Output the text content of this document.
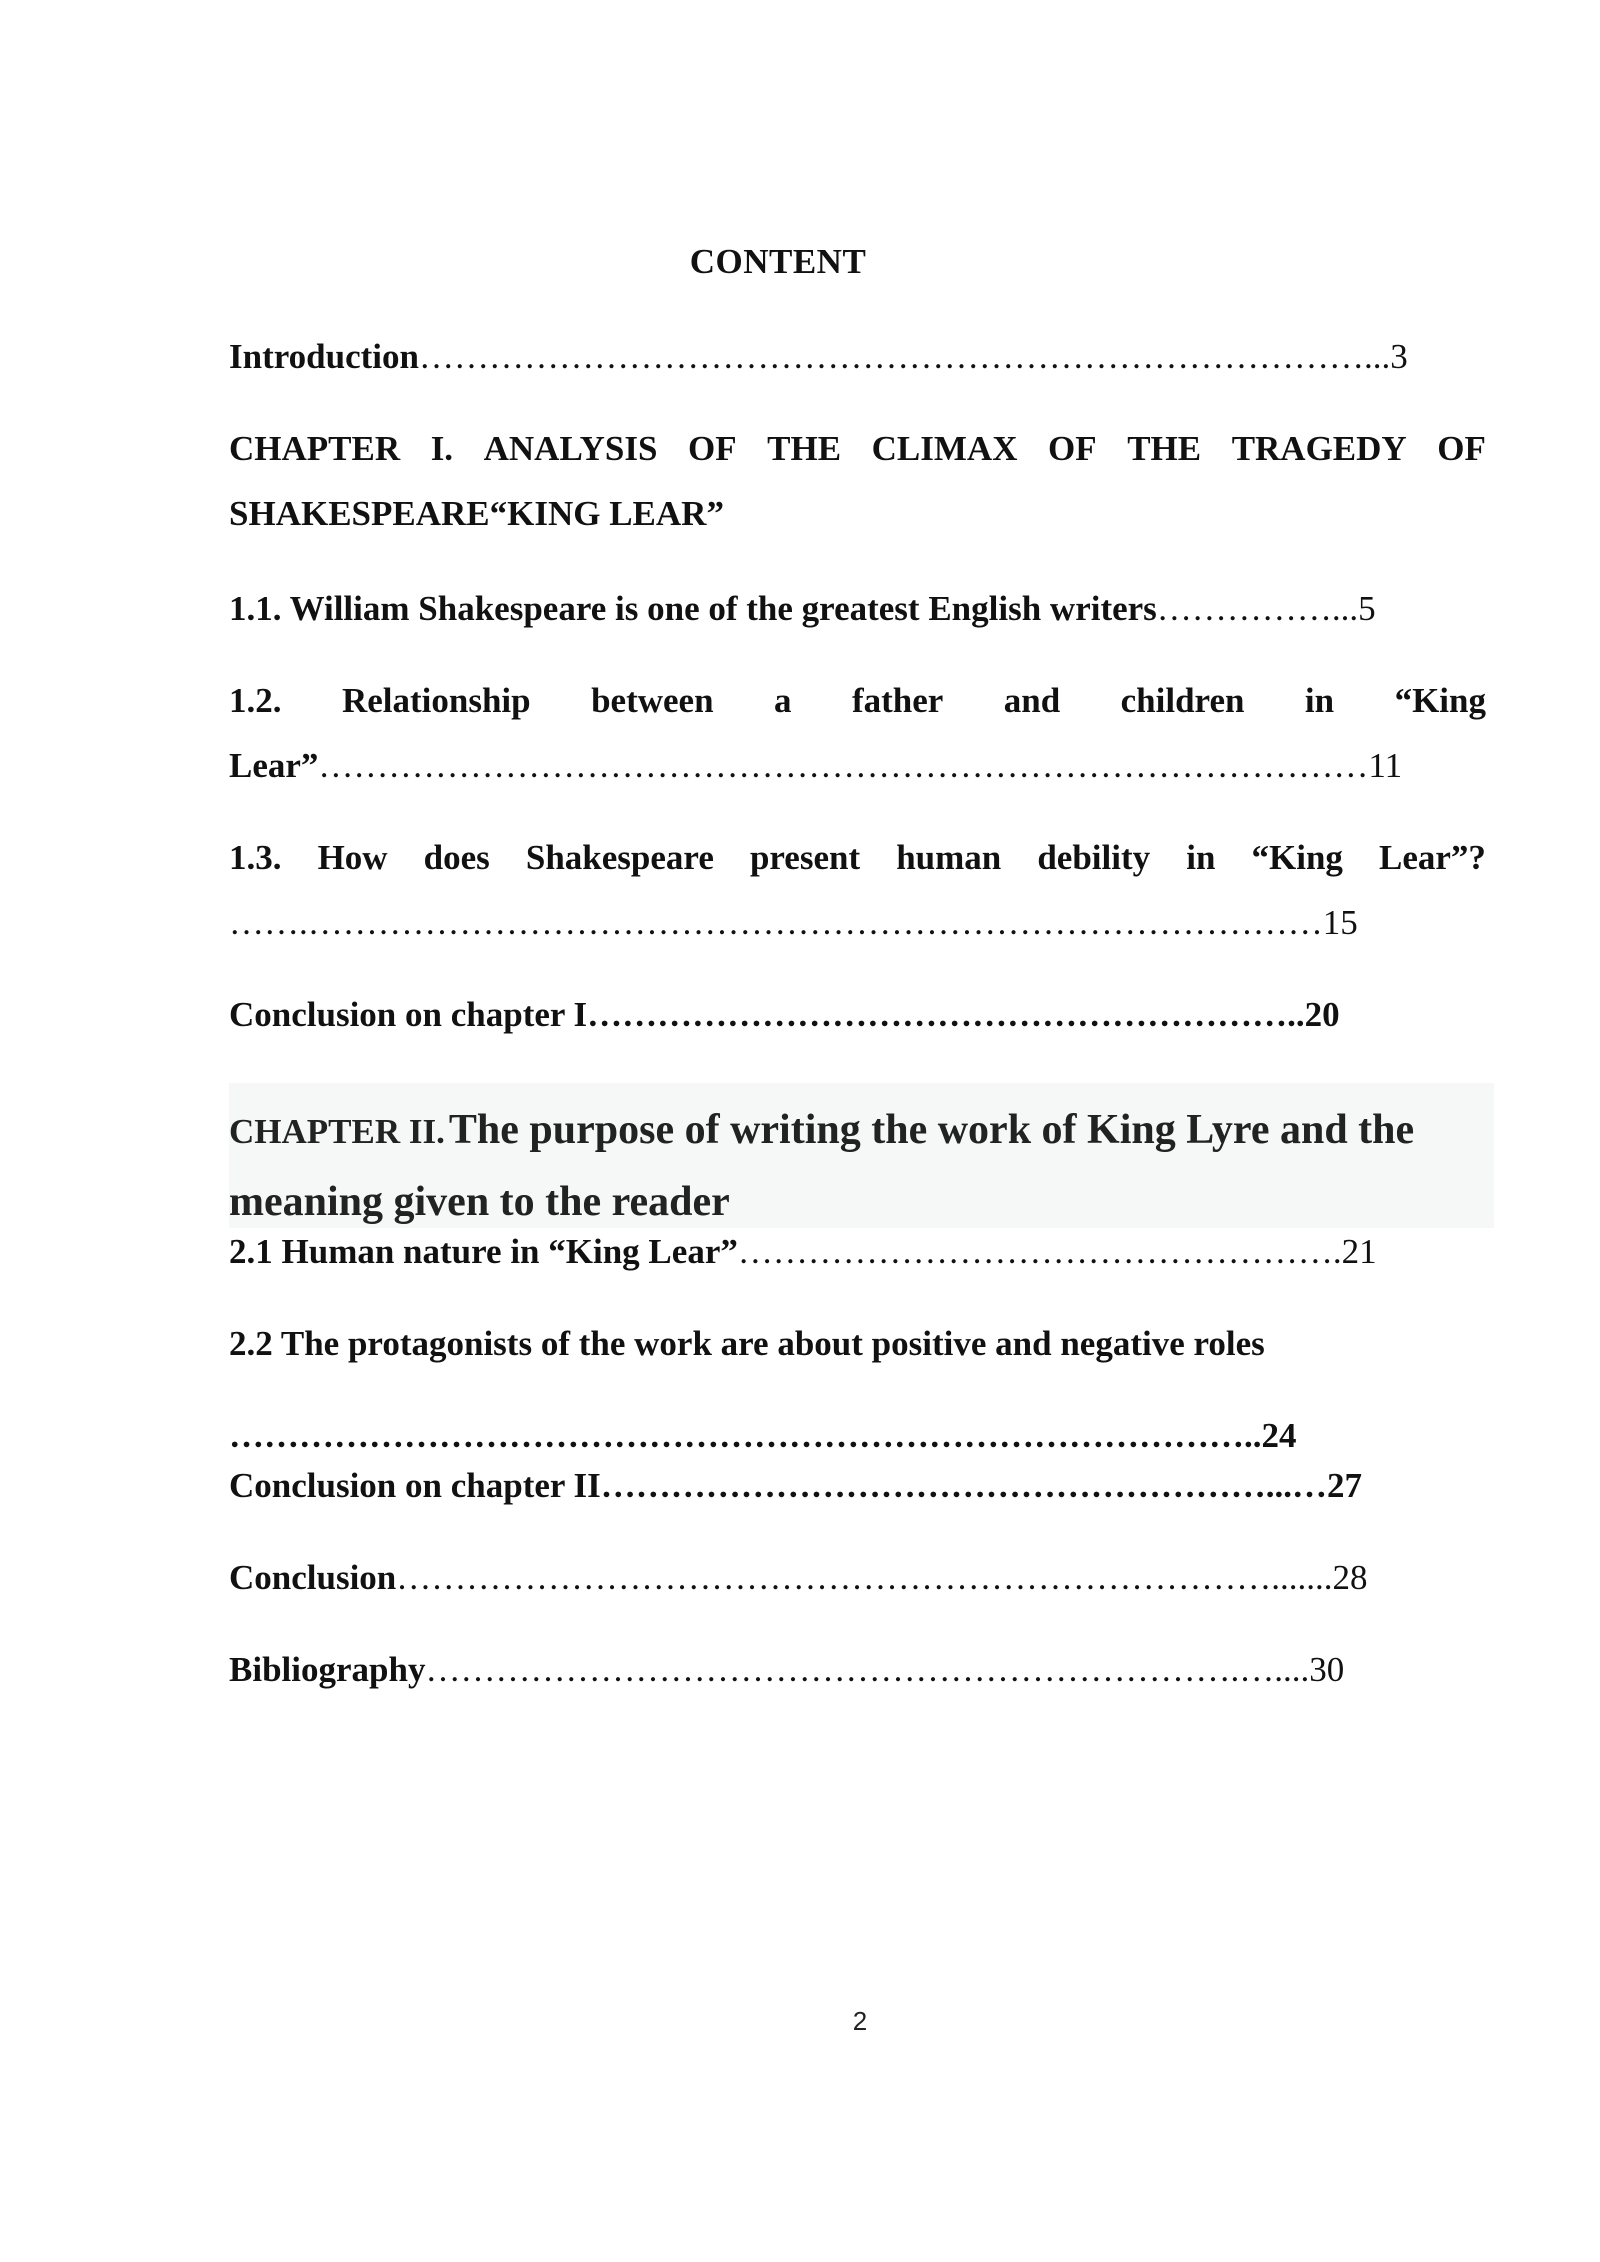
CONTENT
Introduction………………………………………………………………………...3
CHAPTER I. ANALYSIS OF THE CLIMAX OF THE TRAGEDY OF
SHAKESPEARE“KING LEAR”
1.1. William Shakespeare is one of the greatest English writers……………...5
1.2. Relationship between a father and children in “King
Lear”………………………………………………………………………………11
1.3. How does Shakespeare present human debility in “King Lear”?
…….……………………………………………………………………………15
Conclusion on chapter I……………………………………………………..20
CHAPTER II. The purpose of writing the work of King Lyre and the
meaning given to the reader
2.1 Human nature in “King Lear”…………………………………………….21
2.2 The protagonists of the work are about positive and negative roles
……………………………………………………………………………..24
Conclusion on chapter II…………………………………………………...…27
Conclusion………………………………………………………………….......28
Bibliography…………………………………………………………….…....30
2
